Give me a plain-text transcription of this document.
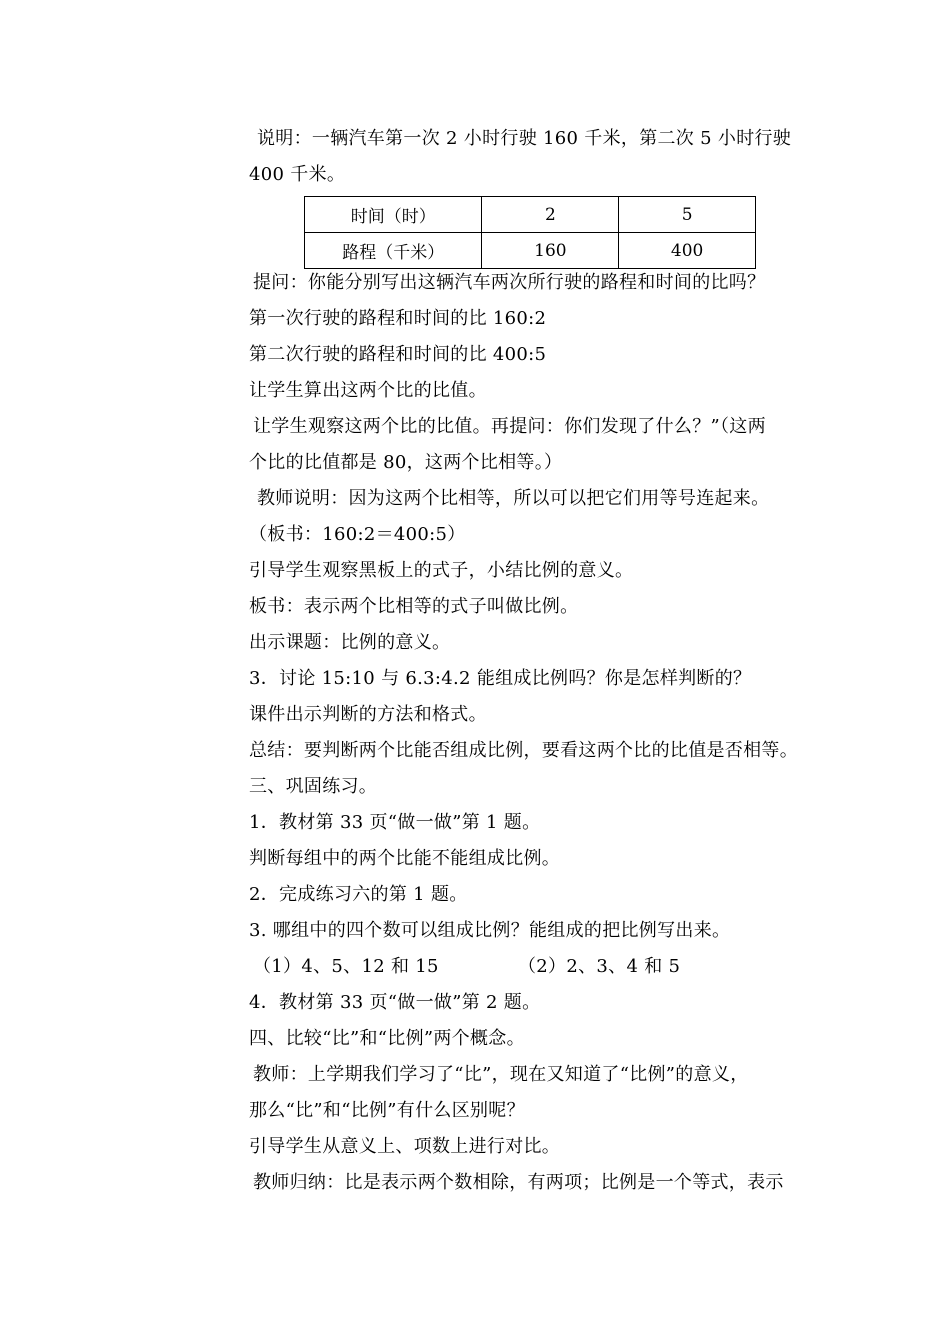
说明：一辆汽车第一次 2 小时行驶 160 千米，第二次 5 小时行驶
400 千米。
时间（时）	2	5
路程（千米）	160	400
提问：你能分别写出这辆汽车两次所行驶的路程和时间的比吗？
第一次行驶的路程和时间的比 160:2
第二次行驶的路程和时间的比 400:5
让学生算出这两个比的比值。
让学生观察这两个比的比值。再提问：你们发现了什么？”（这两
个比的比值都是 80，这两个比相等。）
教师说明：因为这两个比相等，所以可以把它们用等号连起来。
（板书：160:2＝400:5）
引导学生观察黑板上的式子，小结比例的意义。
板书：表示两个比相等的式子叫做比例。
出示课题：比例的意义。
3．讨论 15:10 与 6.3:4.2 能组成比例吗？你是怎样判断的？
课件出示判断的方法和格式。
总结：要判断两个比能否组成比例，要看这两个比的比值是否相等。
三、巩固练习。
1．教材第 33 页“做一做”第 1 题。
判断每组中的两个比能不能组成比例。
2．完成练习六的第 1 题。
3. 哪组中的四个数可以组成比例？能组成的把比例写出来。
（1）4、5、12 和 15	（2）2、3、4 和 5
4．教材第 33 页“做一做”第 2 题。
四、比较“比”和“比例”两个概念。
教师：上学期我们学习了“比”，现在又知道了“比例”的意义，
那么“比”和“比例”有什么区别呢？
引导学生从意义上、项数上进行对比。
教师归纳：比是表示两个数相除，有两项；比例是一个等式，表示
